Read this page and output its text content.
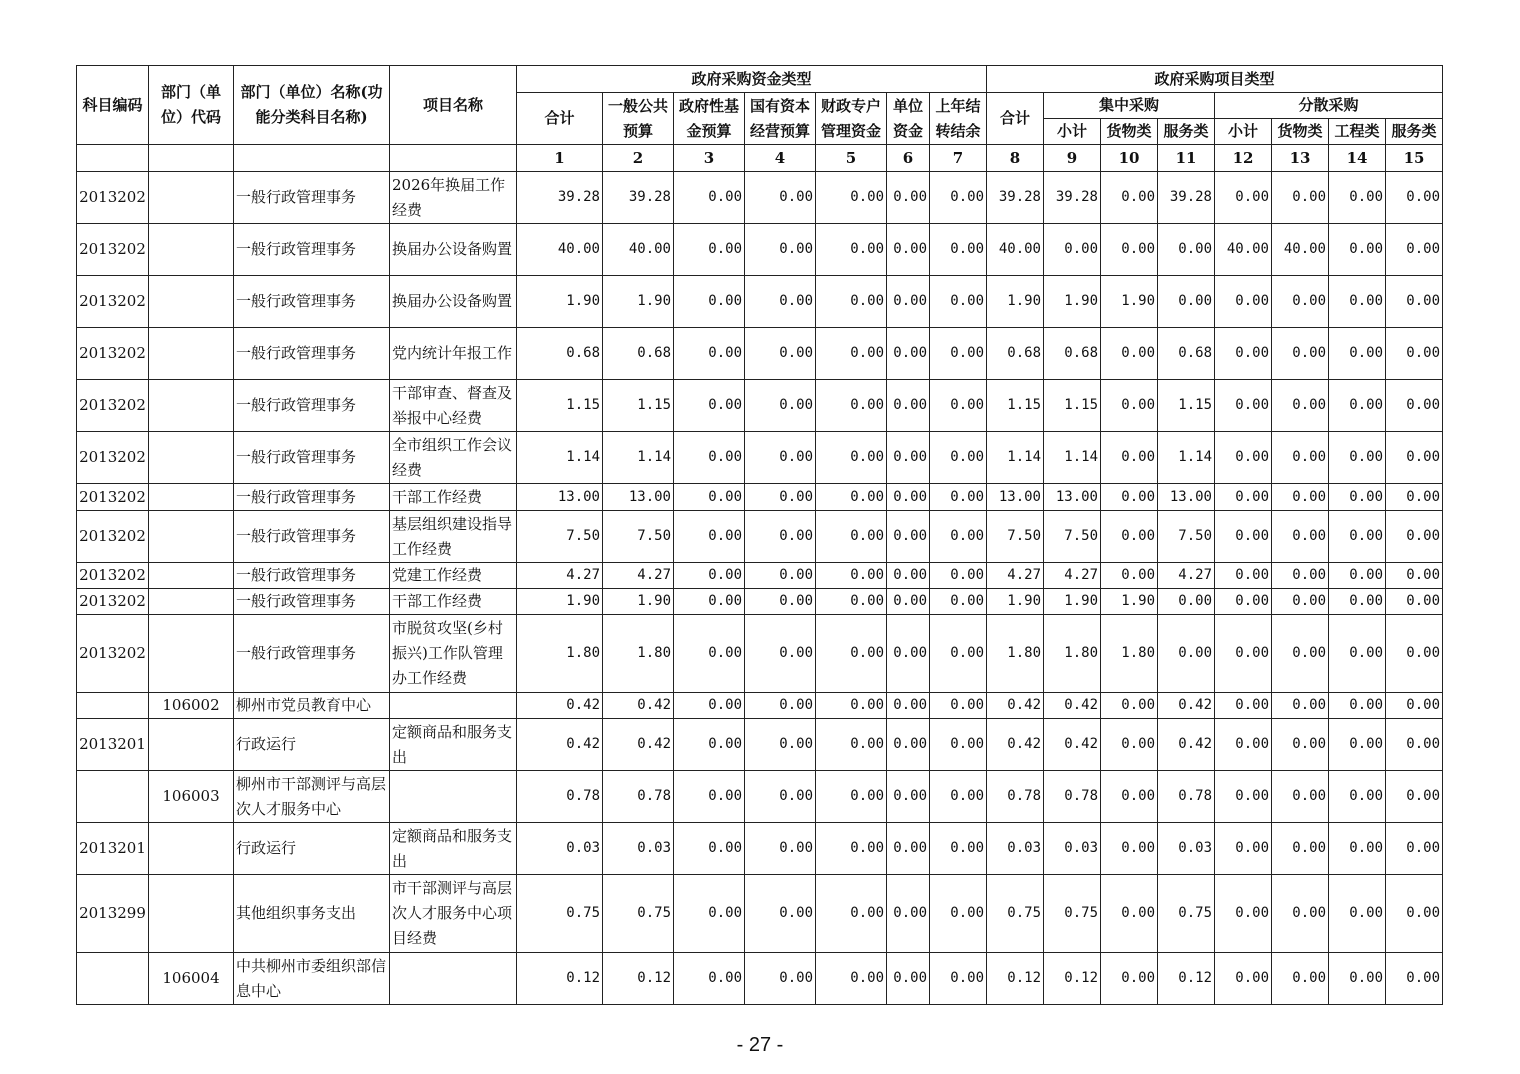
科目编码	部门（单位）代码	部门（单位）名称(功能分类科目名称)	项目名称	政府采购资金类型							政府采购项目类型							
				合计	一般公共预算	政府性基金预算	国有资本经营预算	财政专户管理资金	单位资金	上年结转结余	合计	集中采购			分散采购			
												小计	货物类	服务类	小计	货物类	工程类	服务类
				1	2	3	4	5	6	7	8	9	10	11	12	13	14	15
2013202		一般行政管理事务	2026年换届工作经费	39.28	39.28	0.00	0.00	0.00	0.00	0.00	39.28	39.28	0.00	39.28	0.00	0.00	0.00	0.00
2013202		一般行政管理事务	换届办公设备购置	40.00	40.00	0.00	0.00	0.00	0.00	0.00	40.00	0.00	0.00	0.00	40.00	40.00	0.00	0.00
2013202		一般行政管理事务	换届办公设备购置	1.90	1.90	0.00	0.00	0.00	0.00	0.00	1.90	1.90	1.90	0.00	0.00	0.00	0.00	0.00
2013202		一般行政管理事务	党内统计年报工作	0.68	0.68	0.00	0.00	0.00	0.00	0.00	0.68	0.68	0.00	0.68	0.00	0.00	0.00	0.00
2013202		一般行政管理事务	干部审查、督查及举报中心经费	1.15	1.15	0.00	0.00	0.00	0.00	0.00	1.15	1.15	0.00	1.15	0.00	0.00	0.00	0.00
2013202		一般行政管理事务	全市组织工作会议经费	1.14	1.14	0.00	0.00	0.00	0.00	0.00	1.14	1.14	0.00	1.14	0.00	0.00	0.00	0.00
2013202		一般行政管理事务	干部工作经费	13.00	13.00	0.00	0.00	0.00	0.00	0.00	13.00	13.00	0.00	13.00	0.00	0.00	0.00	0.00
2013202		一般行政管理事务	基层组织建设指导工作经费	7.50	7.50	0.00	0.00	0.00	0.00	0.00	7.50	7.50	0.00	7.50	0.00	0.00	0.00	0.00
2013202		一般行政管理事务	党建工作经费	4.27	4.27	0.00	0.00	0.00	0.00	0.00	4.27	4.27	0.00	4.27	0.00	0.00	0.00	0.00
2013202		一般行政管理事务	干部工作经费	1.90	1.90	0.00	0.00	0.00	0.00	0.00	1.90	1.90	1.90	0.00	0.00	0.00	0.00	0.00
2013202		一般行政管理事务	市脱贫攻坚(乡村振兴)工作队管理办工作经费	1.80	1.80	0.00	0.00	0.00	0.00	0.00	1.80	1.80	1.80	0.00	0.00	0.00	0.00	0.00
	106002	柳州市党员教育中心		0.42	0.42	0.00	0.00	0.00	0.00	0.00	0.42	0.42	0.00	0.42	0.00	0.00	0.00	0.00
2013201		行政运行	定额商品和服务支出	0.42	0.42	0.00	0.00	0.00	0.00	0.00	0.42	0.42	0.00	0.42	0.00	0.00	0.00	0.00
	106003	柳州市干部测评与高层次人才服务中心		0.78	0.78	0.00	0.00	0.00	0.00	0.00	0.78	0.78	0.00	0.78	0.00	0.00	0.00	0.00
2013201		行政运行	定额商品和服务支出	0.03	0.03	0.00	0.00	0.00	0.00	0.00	0.03	0.03	0.00	0.03	0.00	0.00	0.00	0.00
2013299		其他组织事务支出	市干部测评与高层次人才服务中心项目经费	0.75	0.75	0.00	0.00	0.00	0.00	0.00	0.75	0.75	0.00	0.75	0.00	0.00	0.00	0.00
	106004	中共柳州市委组织部信息中心		0.12	0.12	0.00	0.00	0.00	0.00	0.00	0.12	0.12	0.00	0.12	0.00	0.00	0.00	0.00
- 27 -
